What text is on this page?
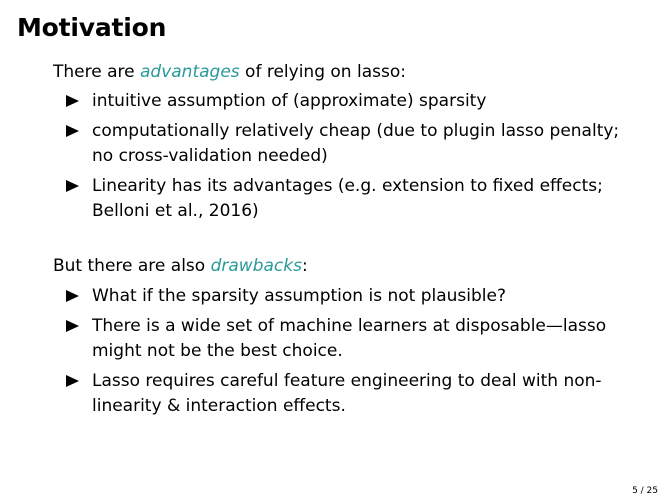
Motivation

There are advantages of relying on lasso:

intuitive assumption of (approximate) sparsity
computationally relatively cheap (due to plugin lasso penalty; no cross-validation needed)
Linearity has its advantages (e.g. extension to fixed effects; Belloni et al., 2016)

But there are also drawbacks:

What if the sparsity assumption is not plausible?
There is a wide set of machine learners at disposable—lasso might not be the best choice.
Lasso requires careful feature engineering to deal with non-linearity & interaction effects.
5 / 25
